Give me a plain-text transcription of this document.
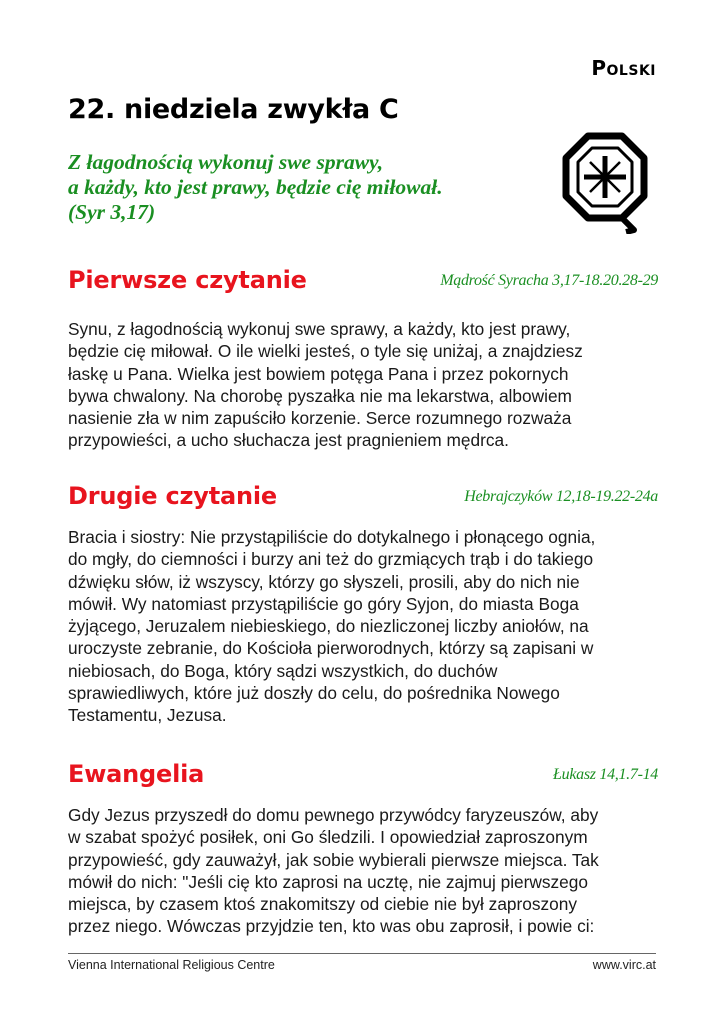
Polski
22. niedziela zwykła C
Z łagodnością wykonuj swe sprawy,
a każdy, kto jest prawy, będzie cię miłował.
(Syr 3,17)
Pierwsze czytanie	Mądrość Syracha 3,17-18.20.28-29
Synu, z łagodnością wykonuj swe sprawy, a każdy, kto jest prawy,
będzie cię miłował. O ile wielki jesteś, o tyle się uniżaj, a znajdziesz
łaskę u Pana. Wielka jest bowiem potęga Pana i przez pokornych
bywa chwalony. Na chorobę pyszałka nie ma lekarstwa, albowiem
nasienie zła w nim zapuściło korzenie. Serce rozumnego rozważa
przypowieści, a ucho słuchacza jest pragnieniem mędrca.
Drugie czytanie	Hebrajczyków 12,18-19.22-24a
Bracia i siostry: Nie przystąpiliście do dotykalnego i płonącego ognia,
do mgły, do ciemności i burzy ani też do grzmiących trąb i do takiego
dźwięku słów, iż wszyscy, którzy go słyszeli, prosili, aby do nich nie
mówił. Wy natomiast przystąpiliście go góry Syjon, do miasta Boga
żyjącego, Jeruzalem niebieskiego, do niezliczonej liczby aniołów, na
uroczyste zebranie, do Kościoła pierworodnych, którzy są zapisani w
niebiosach, do Boga, który sądzi wszystkich, do duchów
sprawiedliwych, które już doszły do celu, do pośrednika Nowego
Testamentu, Jezusa.
Ewangelia	Łukasz 14,1.7-14
Gdy Jezus przyszedł do domu pewnego przywódcy faryzeuszów, aby
w szabat spożyć posiłek, oni Go śledzili. I opowiedział zaproszonym
przypowieść, gdy zauważył, jak sobie wybierali pierwsze miejsca. Tak
mówił do nich: "Jeśli cię kto zaprosi na ucztę, nie zajmuj pierwszego
miejsca, by czasem ktoś znakomitszy od ciebie nie był zaproszony
przez niego. Wówczas przyjdzie ten, kto was obu zaprosił, i powie ci:
Vienna International Religious Centre	www.virc.at
